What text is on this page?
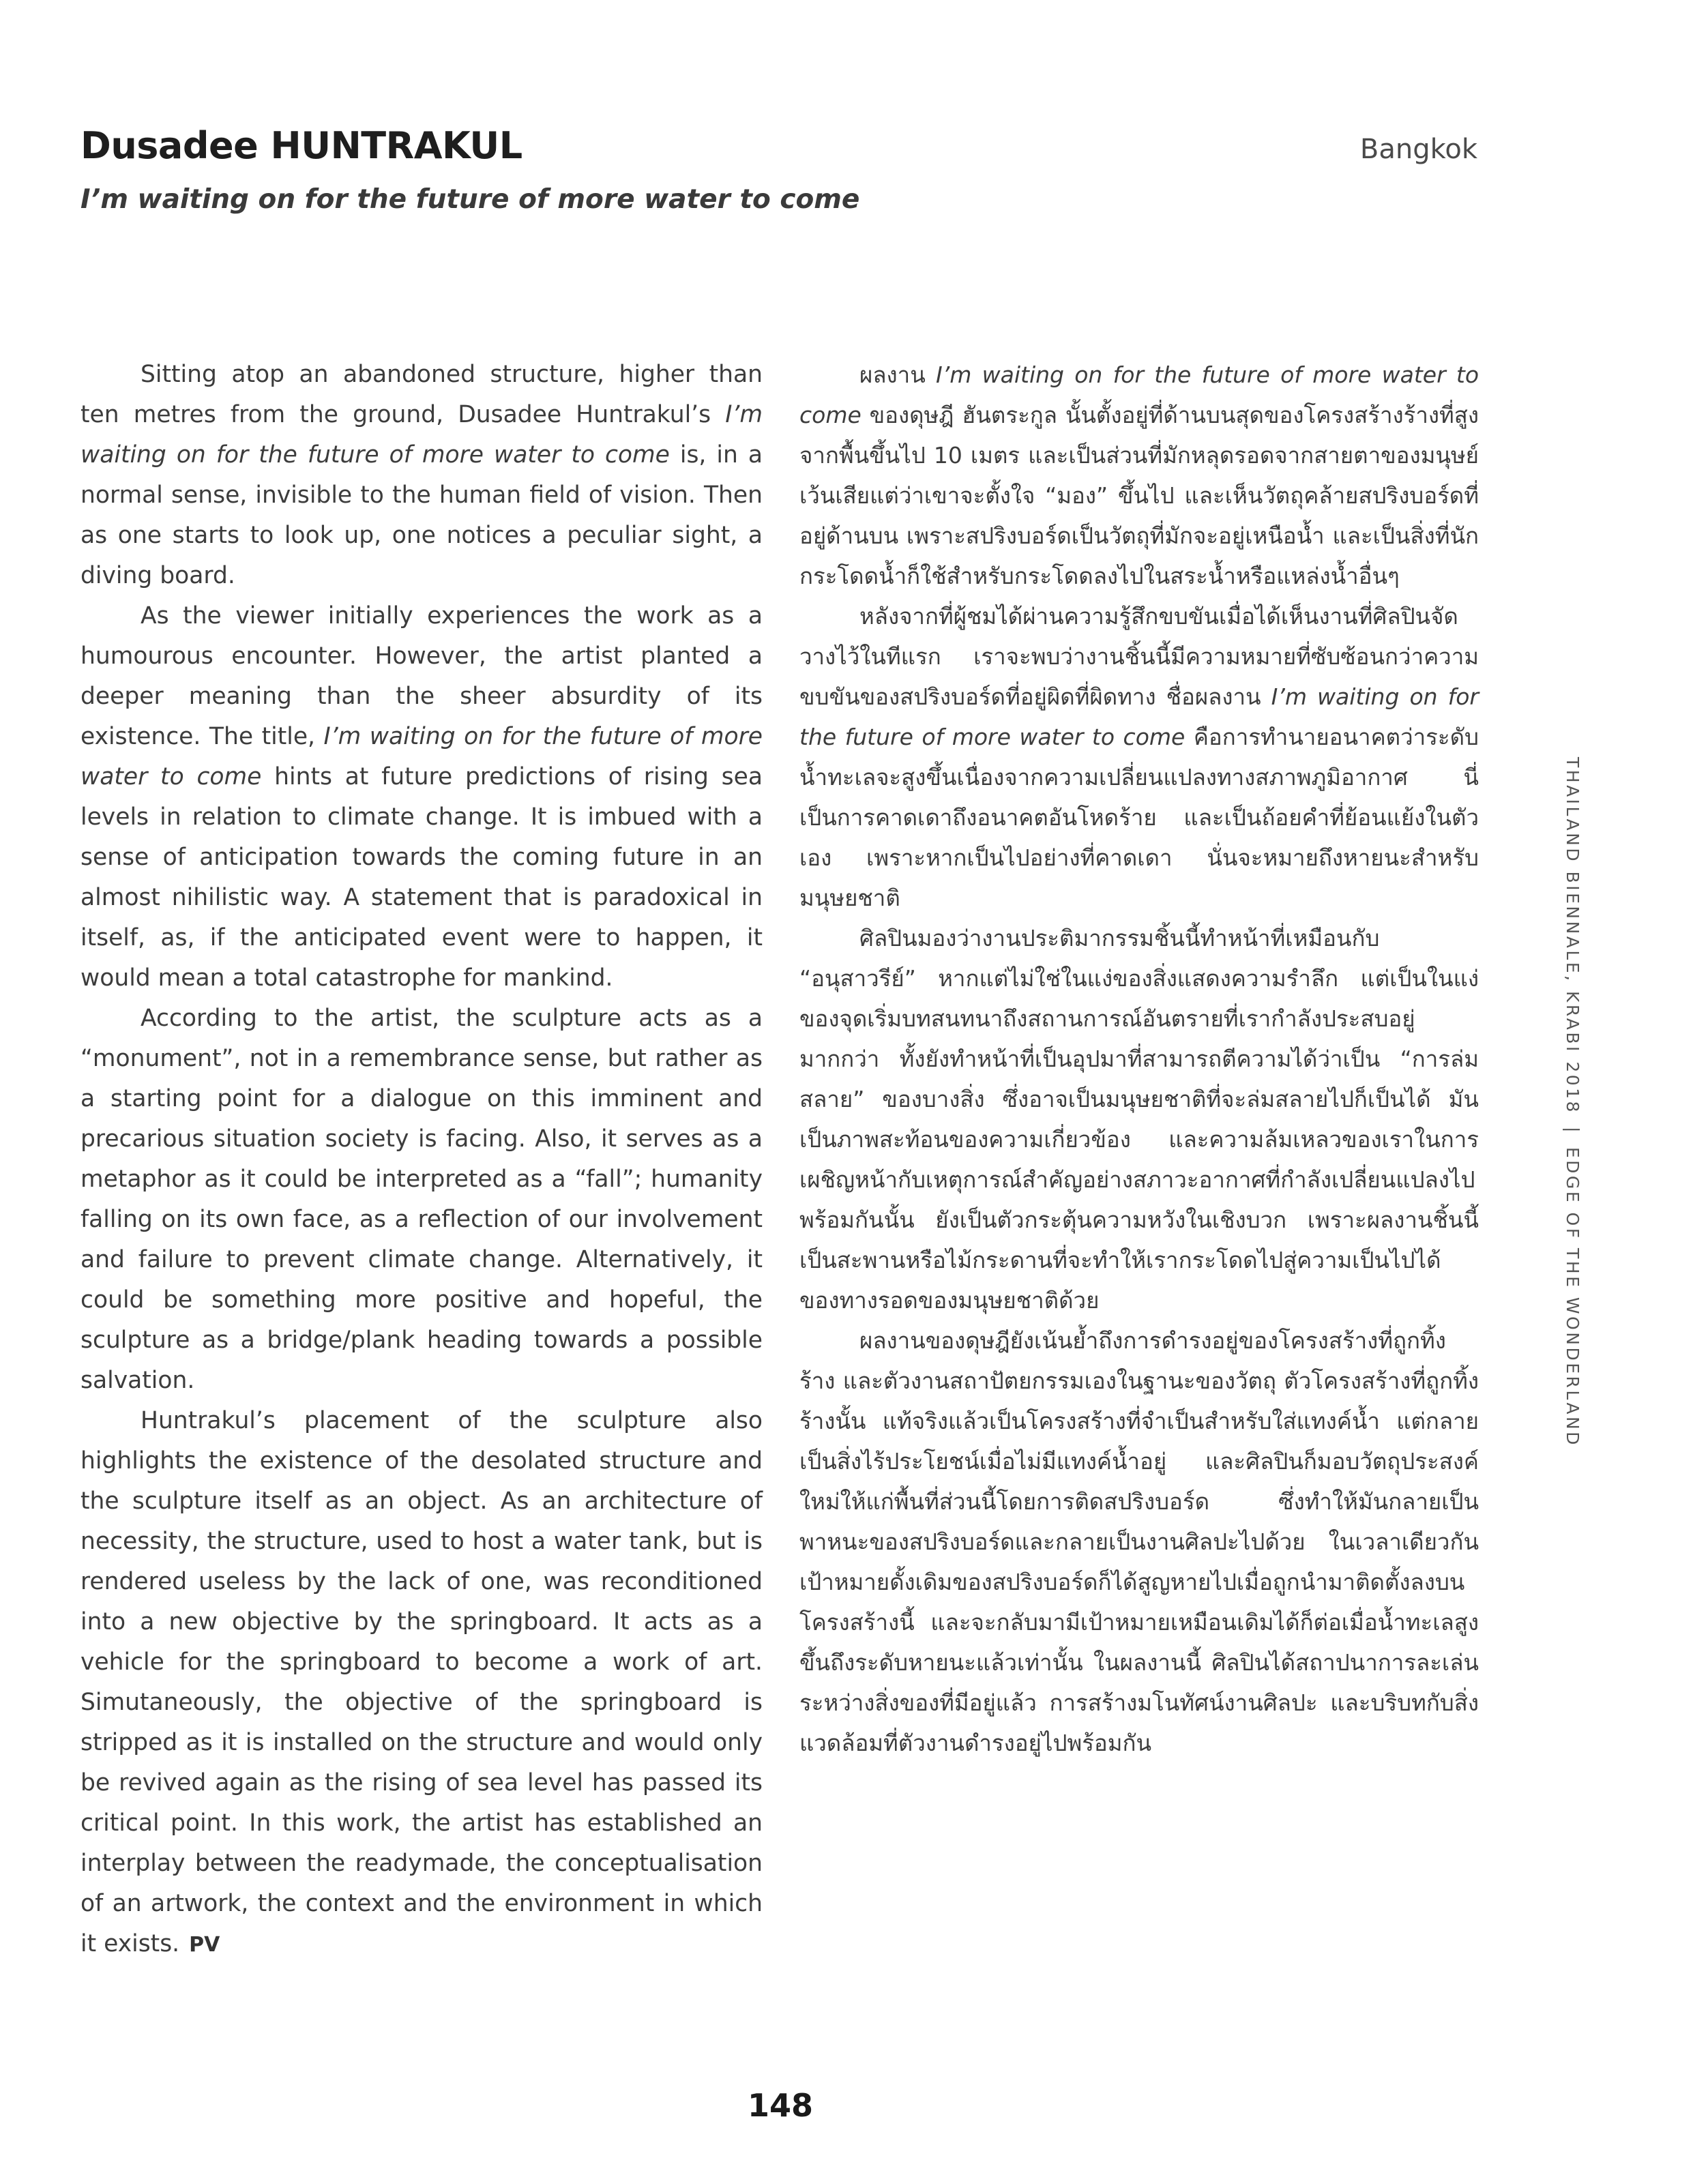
Dusadee HUNTRAKUL	Bangkok
I’m waiting on for the future of more water to come

Sitting atop an abandoned structure, higher than ten metres from the ground, Dusadee Huntrakul’s I’m waiting on for the future of more water to come is, in a normal sense, invisible to the human field of vision. Then as one starts to look up, one notices a peculiar sight, a diving board.

As the viewer initially experiences the work as a humourous encounter. However, the artist planted a deeper meaning than the sheer absurdity of its existence. The title, I’m waiting on for the future of more water to come hints at future predictions of rising sea levels in relation to climate change. It is imbued with a sense of anticipation towards the coming future in an almost nihilistic way. A statement that is paradoxical in itself, as, if the anticipated event were to happen, it would mean a total catastrophe for mankind.

According to the artist, the sculpture acts as a “monument”, not in a remembrance sense, but rather as a starting point for a dialogue on this imminent and precarious situation society is facing. Also, it serves as a metaphor as it could be interpreted as a “fall”; humanity falling on its own face, as a reflection of our involvement and failure to prevent climate change. Alternatively, it could be something more positive and hopeful, the sculpture as a bridge/plank heading towards a possible salvation.

Huntrakul’s placement of the sculpture also highlights the existence of the desolated structure and the sculpture itself as an object. As an architecture of necessity, the structure, used to host a water tank, but is rendered useless by the lack of one, was reconditioned into a new objective by the springboard. It acts as a vehicle for the springboard to become a work of art. Simutaneously, the objective of the springboard is stripped as it is installed on the structure and would only be revived again as the rising of sea level has passed its critical point. In this work, the artist has established an interplay between the readymade, the conceptualisation of an artwork, the context and the environment in which it exists. PV

ผลงาน I’m waiting on for the future of more water to come ของดุษฎี ฮันตระกูล นั้นตั้งอยู่ที่ด้านบนสุดของโครงสร้างร้างที่สูงจากพื้นขึ้นไป 10 เมตร และเป็นส่วนที่มักหลุดรอดจากสายตาของมนุษย์ เว้นเสียแต่ว่าเขาจะตั้งใจ “มอง” ขึ้นไป และเห็นวัตถุคล้ายสปริงบอร์ดที่อยู่ด้านบน เพราะสปริงบอร์ดเป็นวัตถุที่มักจะอยู่เหนือน้ำ และเป็นสิ่งที่นักกระโดดน้ำก็ใช้สำหรับกระโดดลงไปในสระน้ำหรือแหล่งน้ำอื่นๆ

หลังจากที่ผู้ชมได้ผ่านความรู้สึกขบขันเมื่อได้เห็นงานที่ศิลปินจัดวางไว้ในทีแรก เราจะพบว่างานชิ้นนี้มีความหมายที่ซับซ้อนกว่าความขบขันของสปริงบอร์ดที่อยู่ผิดที่ผิดทาง ชื่อผลงาน I’m waiting on for the future of more water to come คือการทำนายอนาคตว่าระดับน้ำทะเลจะสูงขึ้นเนื่องจากความเปลี่ยนแปลงทางสภาพภูมิอากาศ นี่เป็นการคาดเดาถึงอนาคตอันโหดร้าย และเป็นถ้อยคำที่ย้อนแย้งในตัวเอง เพราะหากเป็นไปอย่างที่คาดเดา นั่นจะหมายถึงหายนะสำหรับมนุษยชาติ

ศิลปินมองว่างานประติมากรรมชิ้นนี้ทำหน้าที่เหมือนกับ “อนุสาวรีย์” หากแต่ไม่ใช่ในแง่ของสิ่งแสดงความรำลึก แต่เป็นในแง่ของจุดเริ่มบทสนทนาถึงสถานการณ์อันตรายที่เรากำลังประสบอยู่มากกว่า ทั้งยังทำหน้าที่เป็นอุปมาที่สามารถตีความได้ว่าเป็น “การล่มสลาย” ของบางสิ่ง ซึ่งอาจเป็นมนุษยชาติที่จะล่มสลายไปก็เป็นได้ มันเป็นภาพสะท้อนของความเกี่ยวข้อง และความล้มเหลวของเราในการเผชิญหน้ากับเหตุการณ์สำคัญอย่างสภาวะอากาศที่กำลังเปลี่ยนแปลงไป พร้อมกันนั้น ยังเป็นตัวกระตุ้นความหวังในเชิงบวก เพราะผลงานชิ้นนี้เป็นสะพานหรือไม้กระดานที่จะทำให้เรากระโดดไปสู่ความเป็นไปได้ของทางรอดของมนุษยชาติด้วย

ผลงานของดุษฎียังเน้นย้ำถึงการดำรงอยู่ของโครงสร้างที่ถูกทิ้งร้าง และตัวงานสถาปัตยกรรมเองในฐานะของวัตถุ ตัวโครงสร้างที่ถูกทิ้งร้างนั้น แท้จริงแล้วเป็นโครงสร้างที่จำเป็นสำหรับใส่แทงค์น้ำ แต่กลายเป็นสิ่งไร้ประโยชน์เมื่อไม่มีแทงค์น้ำอยู่ และศิลปินก็มอบวัตถุประสงค์ใหม่ให้แก่พื้นที่ส่วนนี้โดยการติดสปริงบอร์ด ซึ่งทำให้มันกลายเป็นพาหนะของสปริงบอร์ดและกลายเป็นงานศิลปะไปด้วย ในเวลาเดียวกัน เป้าหมายดั้งเดิมของสปริงบอร์ดก็ได้สูญหายไปเมื่อถูกนำมาติดตั้งลงบนโครงสร้างนี้ และจะกลับมามีเป้าหมายเหมือนเดิมได้ก็ต่อเมื่อน้ำทะเลสูงขึ้นถึงระดับหายนะแล้วเท่านั้น ในผลงานนี้ ศิลปินได้สถาปนาการละเล่นระหว่างสิ่งของที่มีอยู่แล้ว การสร้างมโนทัศน์งานศิลปะ และบริบทกับสิ่งแวดล้อมที่ตัวงานดำรงอยู่ไปพร้อมกัน

THAILAND BIENNALE, KRABI 2018|EDGE OF THE WONDERLAND
148
